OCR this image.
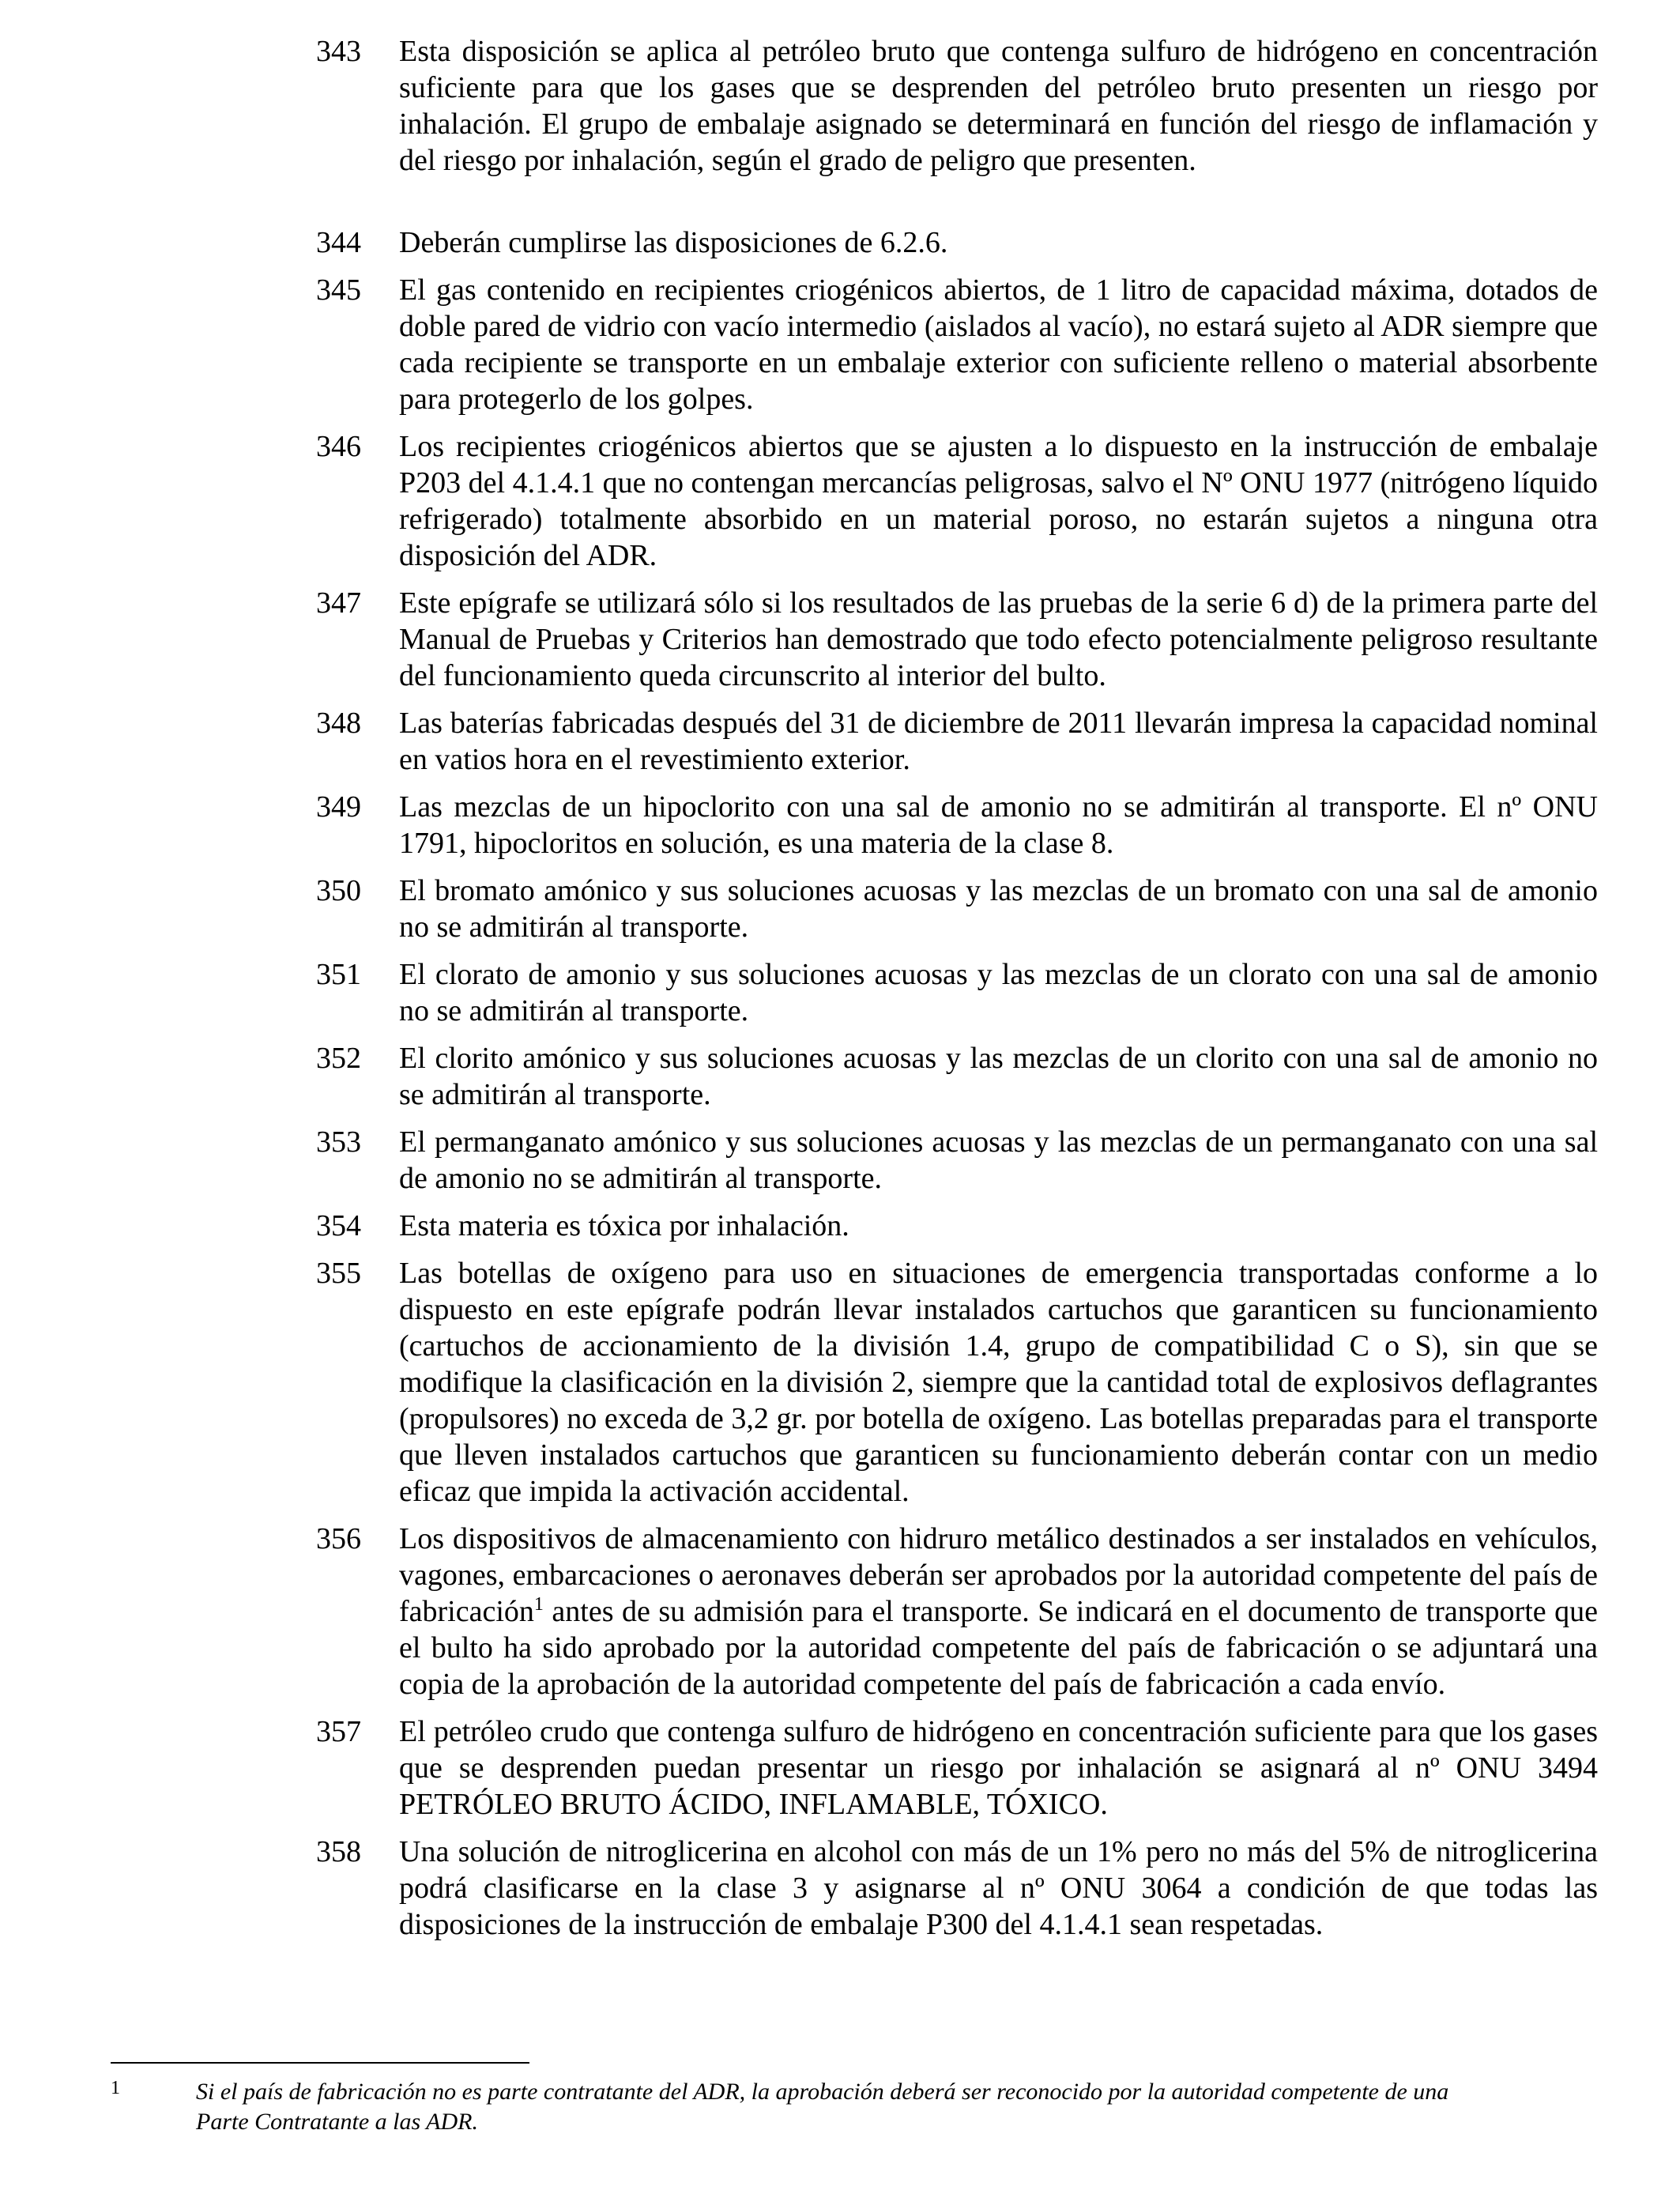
343	Esta disposición se aplica al petróleo bruto que contenga sulfuro de hidrógeno en concentración suficiente para que los gases que se desprenden del petróleo bruto presenten un riesgo por inhalación. El grupo de embalaje asignado se determinará en función del riesgo de inflamación y del riesgo por inhalación, según el grado de peligro que presenten.
344	Deberán cumplirse las disposiciones de 6.2.6.
345	El gas contenido en recipientes criogénicos abiertos, de 1 litro de capacidad máxima, dotados de doble pared de vidrio con vacío intermedio (aislados al vacío), no estará sujeto al ADR siempre que cada recipiente se transporte en un embalaje exterior con suficiente relleno o material absorbente para protegerlo de los golpes.
346	Los recipientes criogénicos abiertos que se ajusten a lo dispuesto en la instrucción de embalaje P203 del 4.1.4.1 que no contengan mercancías peligrosas, salvo el Nº ONU 1977 (nitrógeno líquido refrigerado) totalmente absorbido en un material poroso, no estarán sujetos a ninguna otra disposición del ADR.
347	Este epígrafe se utilizará sólo si los resultados de las pruebas de la serie 6 d) de la primera parte del Manual de Pruebas y Criterios han demostrado que todo efecto potencialmente peligroso resultante del funcionamiento queda circunscrito al interior del bulto.
348	Las baterías fabricadas después del 31 de diciembre de 2011 llevarán impresa la capacidad nominal en vatios hora en el revestimiento exterior.
349	Las mezclas de un hipoclorito con una sal de amonio no se admitirán al transporte. El nº ONU 1791, hipocloritos en solución, es una materia de la clase 8.
350	El bromato amónico y sus soluciones acuosas y las mezclas de un bromato con una sal de amonio no se admitirán al transporte.
351	El clorato de amonio y sus soluciones acuosas y las mezclas de un clorato con una sal de amonio no se admitirán al transporte.
352	El clorito amónico y sus soluciones acuosas y las mezclas de un clorito con una sal de amonio no se admitirán al transporte.
353	El permanganato amónico y sus soluciones acuosas y las mezclas de un permanganato con una sal de amonio no se admitirán al transporte.
354	Esta materia es tóxica por inhalación.
355	Las botellas de oxígeno para uso en situaciones de emergencia transportadas conforme a lo dispuesto en este epígrafe podrán llevar instalados cartuchos que garanticen su funcionamiento (cartuchos de accionamiento de la división 1.4, grupo de compatibilidad C o S), sin que se modifique la clasificación en la división 2, siempre que la cantidad total de explosivos deflagrantes (propulsores) no exceda de 3,2 gr. por botella de oxígeno. Las botellas preparadas para el transporte que lleven instalados cartuchos que garanticen su funcionamiento deberán contar con un medio eficaz que impida la activación accidental.
356	Los dispositivos de almacenamiento con hidruro metálico destinados a ser instalados en vehículos, vagones, embarcaciones o aeronaves deberán ser aprobados por la autoridad competente del país de fabricación$^1$ antes de su admisión para el transporte. Se indicará en el documento de transporte que el bulto ha sido aprobado por la autoridad competente del país de fabricación o se adjuntará una copia de la aprobación de la autoridad competente del país de fabricación a cada envío.
357	El petróleo crudo que contenga sulfuro de hidrógeno en concentración suficiente para que los gases que se desprenden puedan presentar un riesgo por inhalación se asignará al nº ONU 3494 PETRÓLEO BRUTO ÁCIDO, INFLAMABLE, TÓXICO.
358	Una solución de nitroglicerina en alcohol con más de un 1% pero no más del 5% de nitroglicerina podrá clasificarse en la clase 3 y asignarse al nº ONU 3064 a condición de que todas las disposiciones de la instrucción de embalaje P300 del 4.1.4.1 sean respetadas.
1	Si el país de fabricación no es parte contratante del ADR, la aprobación deberá ser reconocido por la autoridad competente de una Parte Contratante a las ADR.
